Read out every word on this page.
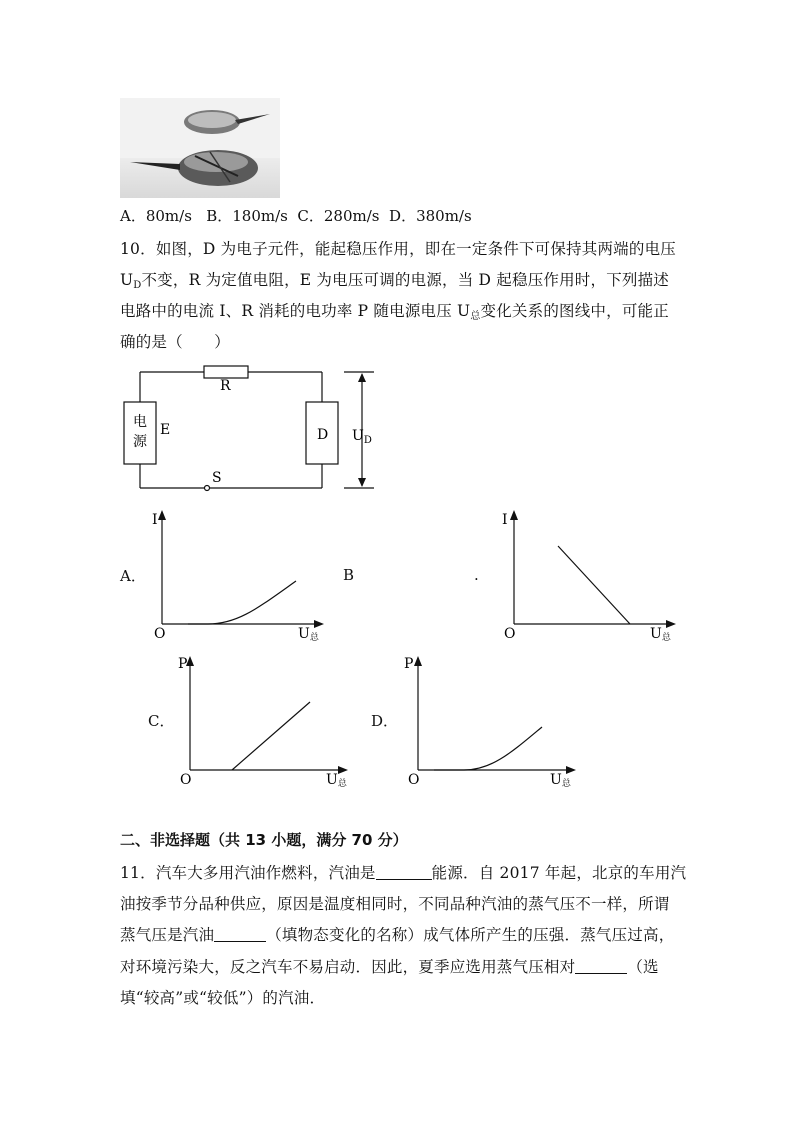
A．80m/s B．180m/s C．280m/s D．380m/s
10．如图，D 为电子元件，能起稳压作用，即在一定条件下可保持其两端的电压
$U_D$不变，R 为定值电阻，E 为电压可调的电源，当 D 起稳压作用时，下列描述
电路中的电流 I、R 消耗的电功率 P 随电源电压 $U_总$变化关系的图线中，可能正
确的是（　　）
R
电
源
E	D
S
$U_D$
A．
I
O	U总
B	.
I
O	U总
C．
P
O	U总
D．
P
O	U总
二、非选择题（共 13 小题，满分 70 分）
11．汽车大多用汽油作燃料，汽油是	能源．自 2017 年起，北京的车用汽
油按季节分品种供应，原因是温度相同时，不同品种汽油的蒸气压不一样，所谓
蒸气压是汽油	（填物态变化的名称）成气体所产生的压强．蒸气压过高，
对环境污染大，反之汽车不易启动．因此，夏季应选用蒸气压相对	（选
填“较高”或“较低”）的汽油．
